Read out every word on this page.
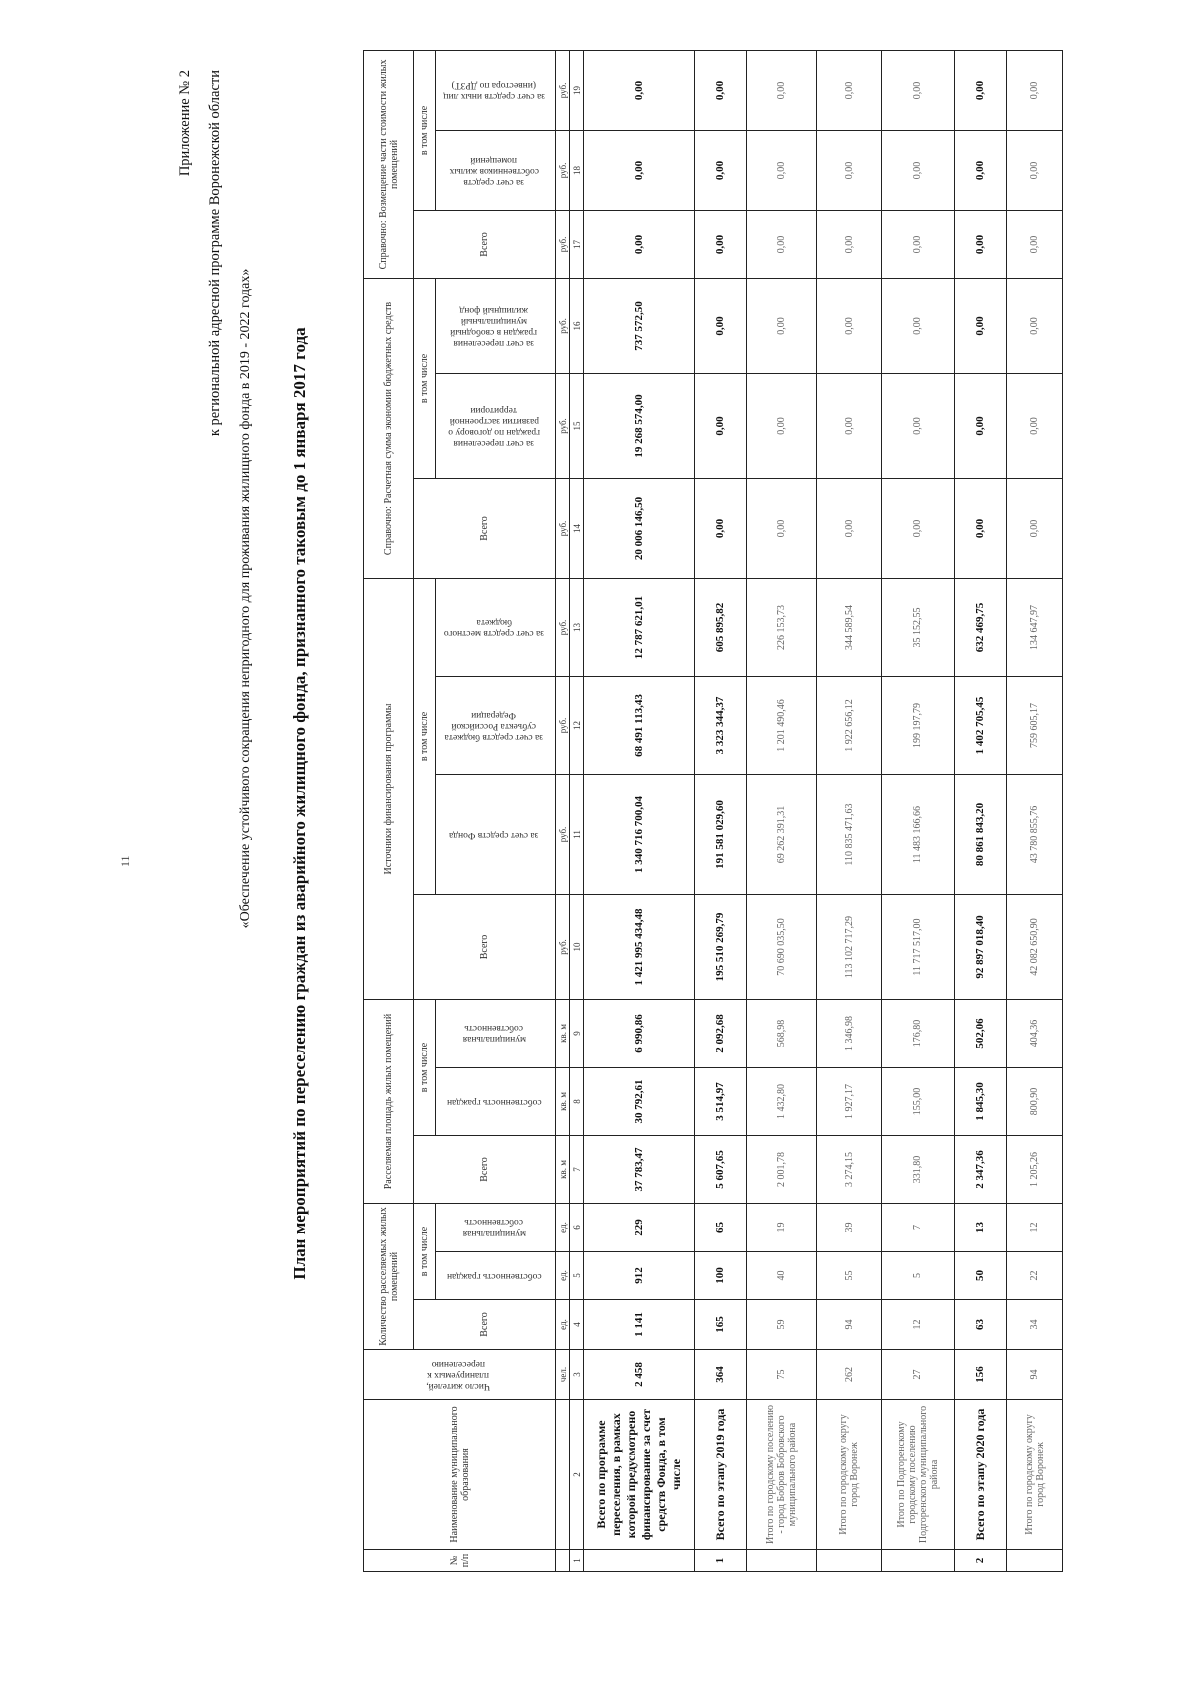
11
Приложение № 2 к региональной адресной программе Воронежской области
«Обеспечение устойчивого сокращения непригодного для проживания жилищного фонда в 2019 - 2022 годах» План мероприятий по переселению граждан из аварийного жилищного фонда, признанного таковым до 1 января 2017 года
№ п/п	Наименование муниципального образования	Число жителей, планируемых к переселению	Количество расселяемых жилых помещений			Расселяемая площадь жилых помещений			Источники финансирования программы				Справочно: Расчетная сумма экономии бюджетных средств			Справочно: Возмещение части стоимости жилых помещений		
			Всего	в том числе		Всего	в том числе		Всего	в том числе			Всего	в том числе		Всего	в том числе	
				собственность граждан	муниципальная собственность		собственность граждан	муниципальная собственность		за счет средств Фонда	за счет средств бюджета субъекта Российской Федерации	за счет средств местного бюджета		за счет переселения граждан по договору о развитии застроенной территории	за счет переселения граждан в свободный муниципальный жилищный фонд		за счет средств собственников жилых помещений	за счет средств иных лиц (инвестора по ДРЗТ)
		чел.	ед.	ед.	ед.	кв. м	кв. м	кв. м	руб.	руб.	руб.	руб.	руб.	руб.	руб.	руб.	руб.	руб.
1	2	3	4	5	6	7	8	9	10	11	12	13	14	15	16	17	18	19
	Всего по программе переселения, в рамках которой предусмотрено финансирование за счет средств Фонда, в том числе	2 458	1 141	912	229	37 783,47	30 792,61	6 990,86	1 421 995 434,48	1 340 716 700,04	68 491 113,43	12 787 621,01	20 006 146,50	19 268 574,00	737 572,50	0,00	0,00	0,00
1	Всего по этапу 2019 года	364	165	100	65	5 607,65	3 514,97	2 092,68	195 510 269,79	191 581 029,60	3 323 344,37	605 895,82	0,00	0,00	0,00	0,00	0,00	0,00
	Итого по городскому поселению - город Бобров Бобровского муниципального района	75	59	40	19	2 001,78	1 432,80	568,98	70 690 035,50	69 262 391,31	1 201 490,46	226 153,73	0,00	0,00	0,00	0,00	0,00	0,00
	Итого по городскому округу город Воронеж	262	94	55	39	3 274,15	1 927,17	1 346,98	113 102 717,29	110 835 471,63	1 922 656,12	344 589,54	0,00	0,00	0,00	0,00	0,00	0,00
	Итого по Подгоренскому городскому поселению Подгоренского муниципального района	27	12	5	7	331,80	155,00	176,80	11 717 517,00	11 483 166,66	199 197,79	35 152,55	0,00	0,00	0,00	0,00	0,00	0,00
2	Всего по этапу 2020 года	156	63	50	13	2 347,36	1 845,30	502,06	92 897 018,40	80 861 843,20	1 402 705,45	632 469,75	0,00	0,00	0,00	0,00	0,00	0,00
	Итого по городскому округу город Воронеж	94	34	22	12	1 205,26	800,90	404,36	42 082 650,90	43 780 855,76	759 605,17	134 647,97	0,00	0,00	0,00	0,00	0,00	0,00
